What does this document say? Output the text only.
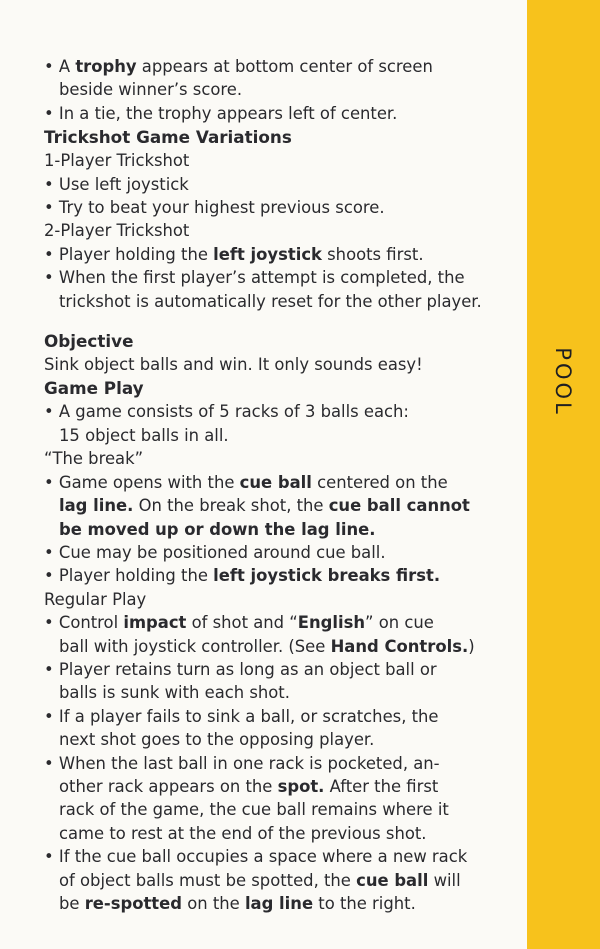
• A trophy appears at bottom center of screen
beside winner’s score.
• In a tie, the trophy appears left of center.
Trickshot Game Variations
1-Player Trickshot
• Use left joystick
• Try to beat your highest previous score.
2-Player Trickshot
• Player holding the left joystick shoots first.
• When the first player’s attempt is completed, the
trickshot is automatically reset for the other player.
Objective
Sink object balls and win. It only sounds easy!
Game Play
• A game consists of 5 racks of 3 balls each:
15 object balls in all.
“The break”
• Game opens with the cue ball centered on the
lag line. On the break shot, the cue ball cannot
be moved up or down the lag line.
• Cue may be positioned around cue ball.
• Player holding the left joystick breaks first.
Regular Play
• Control impact of shot and “English” on cue
ball with joystick controller. (See Hand Controls.)
• Player retains turn as long as an object ball or
balls is sunk with each shot.
• If a player fails to sink a ball, or scratches, the
next shot goes to the opposing player.
• When the last ball in one rack is pocketed, an-
other rack appears on the spot. After the first
rack of the game, the cue ball remains where it
came to rest at the end of the previous shot.
• If the cue ball occupies a space where a new rack
of object balls must be spotted, the cue ball will
be re-spotted on the lag line to the right.
POOL
